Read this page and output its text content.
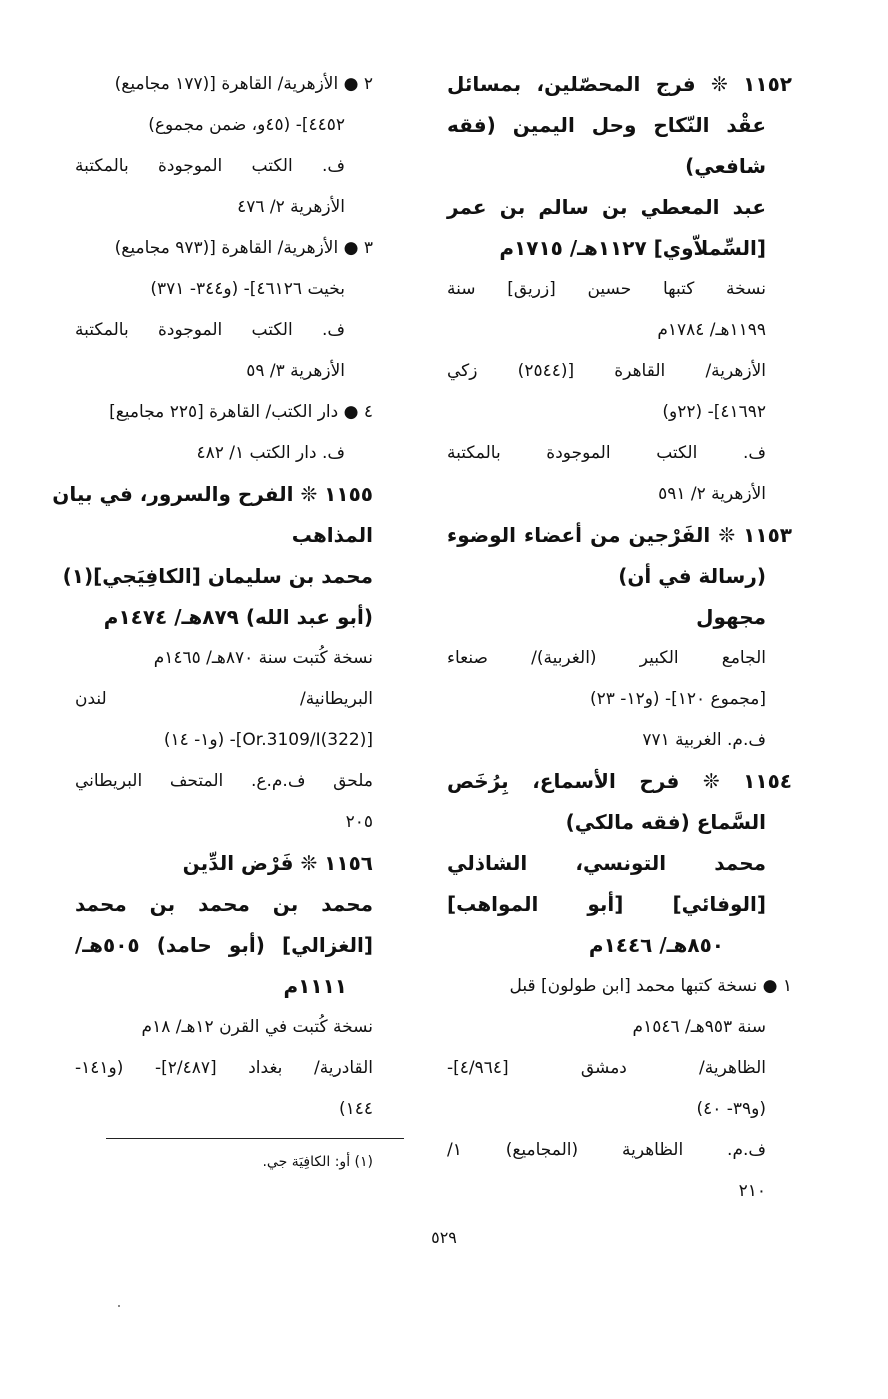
١١٥٢ ❊ فرج المحصّلين، بمسائل
عقْد النّكاح وحل اليمين (فقه
شافعي)
عبد المعطي بن سالم بن عمر
[السِّملاّوي] ١١٢٧هـ/ ١٧١٥م
نسخة كتبها حسين [زريق] سنة
١١٩٩هـ/ ١٧٨٤م
الأزهرية/ القاهرة [(٢٥٤٤) زكي
٤١٦٩٢]- (٢٢و)
ف. الكتب الموجودة بالمكتبة
الأزهرية ٢/ ٥٩١
١١٥٣ ❊ الفَرْجين من أعضاء الوضوء
(رسالة في أن)
مجهول
الجامع الكبير (الغربية)/ صنعاء
[مجموع ١٢٠]- (و١٢- ٢٣)
ف.م. الغربية ٧٧١
١١٥٤ ❊ فرح الأسماع، بِرُخَص
السَّماع (فقه مالكي)
محمد التونسي، الشاذلي
[الوفائي] [أبو المواهب]
٨٥٠هـ/ ١٤٤٦م
١ ● نسخة كتبها محمد [ابن طولون] قبل
سنة ٩٥٣هـ/ ١٥٤٦م
الظاهرية/ دمشق [٤/٩٦٤]-
(و٣٩- ٤٠)
ف.م. الظاهرية (المجاميع) ١/
٢١٠
٢ ● الأزهرية/ القاهرة [(١٧٧ مجاميع)
٤٤٥٢]- (٤٥و، ضمن مجموع)
ف. الكتب الموجودة بالمكتبة
الأزهرية ٢/ ٤٧٦
٣ ● الأزهرية/ القاهرة [(٩٧٣ مجاميع)
بخيت ٤٦١٢٦]- (و٣٤٤- ٣٧١)
ف. الكتب الموجودة بالمكتبة
الأزهرية ٣/ ٥٩
٤ ● دار الكتب/ القاهرة [٢٢٥ مجاميع]
ف. دار الكتب ١/ ٤٨٢
١١٥٥ ❊ الفرح والسرور، في بيان
المذاهب
محمد بن سليمان [الكافِيَجي](١)
(أبو عبد الله) ٨٧٩هـ/ ١٤٧٤م
نسخة كُتبت سنة ٨٧٠هـ/ ١٤٦٥م
البريطانية/ لندن
[(322)Or.3109/I]- (و١- ١٤)
ملحق ف.م.ع. المتحف البريطاني
٢٠٥
١١٥٦ ❊ فَرْض الدِّين
محمد بن محمد بن محمد
[الغزالي] (أبو حامد) ٥٠٥هـ/
١١١١م
نسخة كُتبت في القرن ١٢هـ/ ١٨م
القادرية/ بغداد [٢/٤٨٧]- (و١٤١-
١٤٤)
(١) أو: الكافِيَة جي.
٥٢٩
